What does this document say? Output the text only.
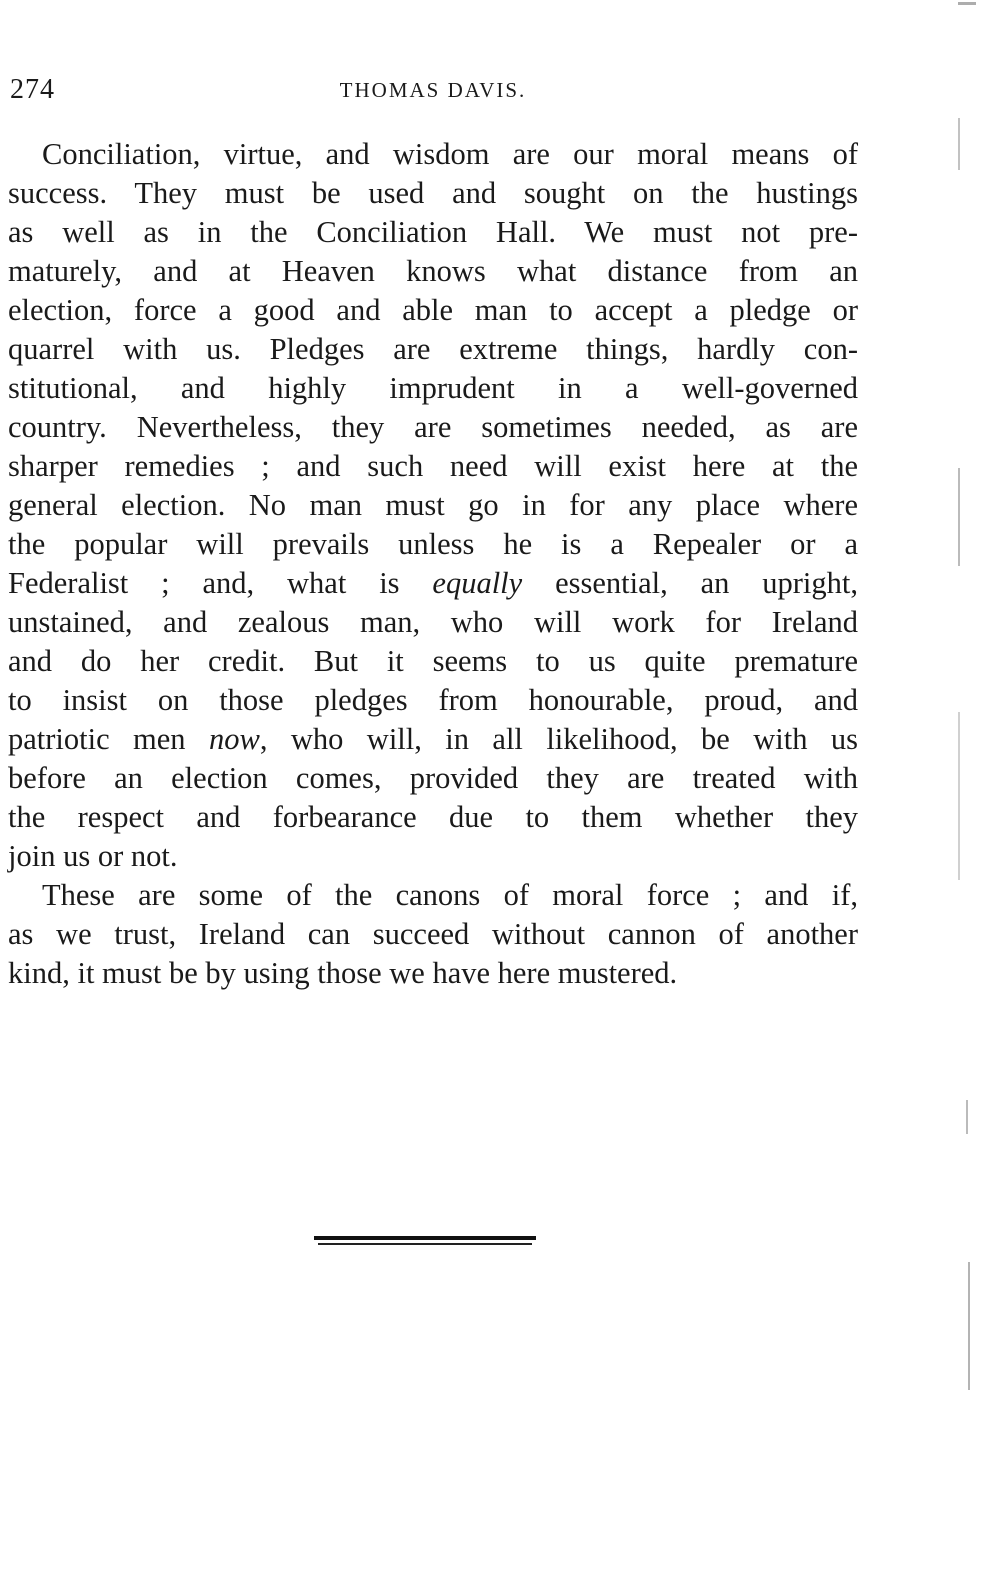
274	THOMAS DAVIS.
Conciliation, virtue, and wisdom are our moral means of
success. They must be used and sought on the hustings
as well as in the Conciliation Hall. We must not pre-
maturely, and at Heaven knows what distance from an
election, force a good and able man to accept a pledge or
quarrel with us. Pledges are extreme things, hardly con-
stitutional, and highly imprudent in a well-governed
country. Nevertheless, they are sometimes needed, as are
sharper remedies ; and such need will exist here at the
general election. No man must go in for any place where
the popular will prevails unless he is a Repealer or a
Federalist ; and, what is equally essential, an upright,
unstained, and zealous man, who will work for Ireland
and do her credit. But it seems to us quite premature
to insist on those pledges from honourable, proud, and
patriotic men now, who will, in all likelihood, be with us
before an election comes, provided they are treated with
the respect and forbearance due to them whether they
join us or not.
These are some of the canons of moral force ; and if,
as we trust, Ireland can succeed without cannon of another
kind, it must be by using those we have here mustered.
